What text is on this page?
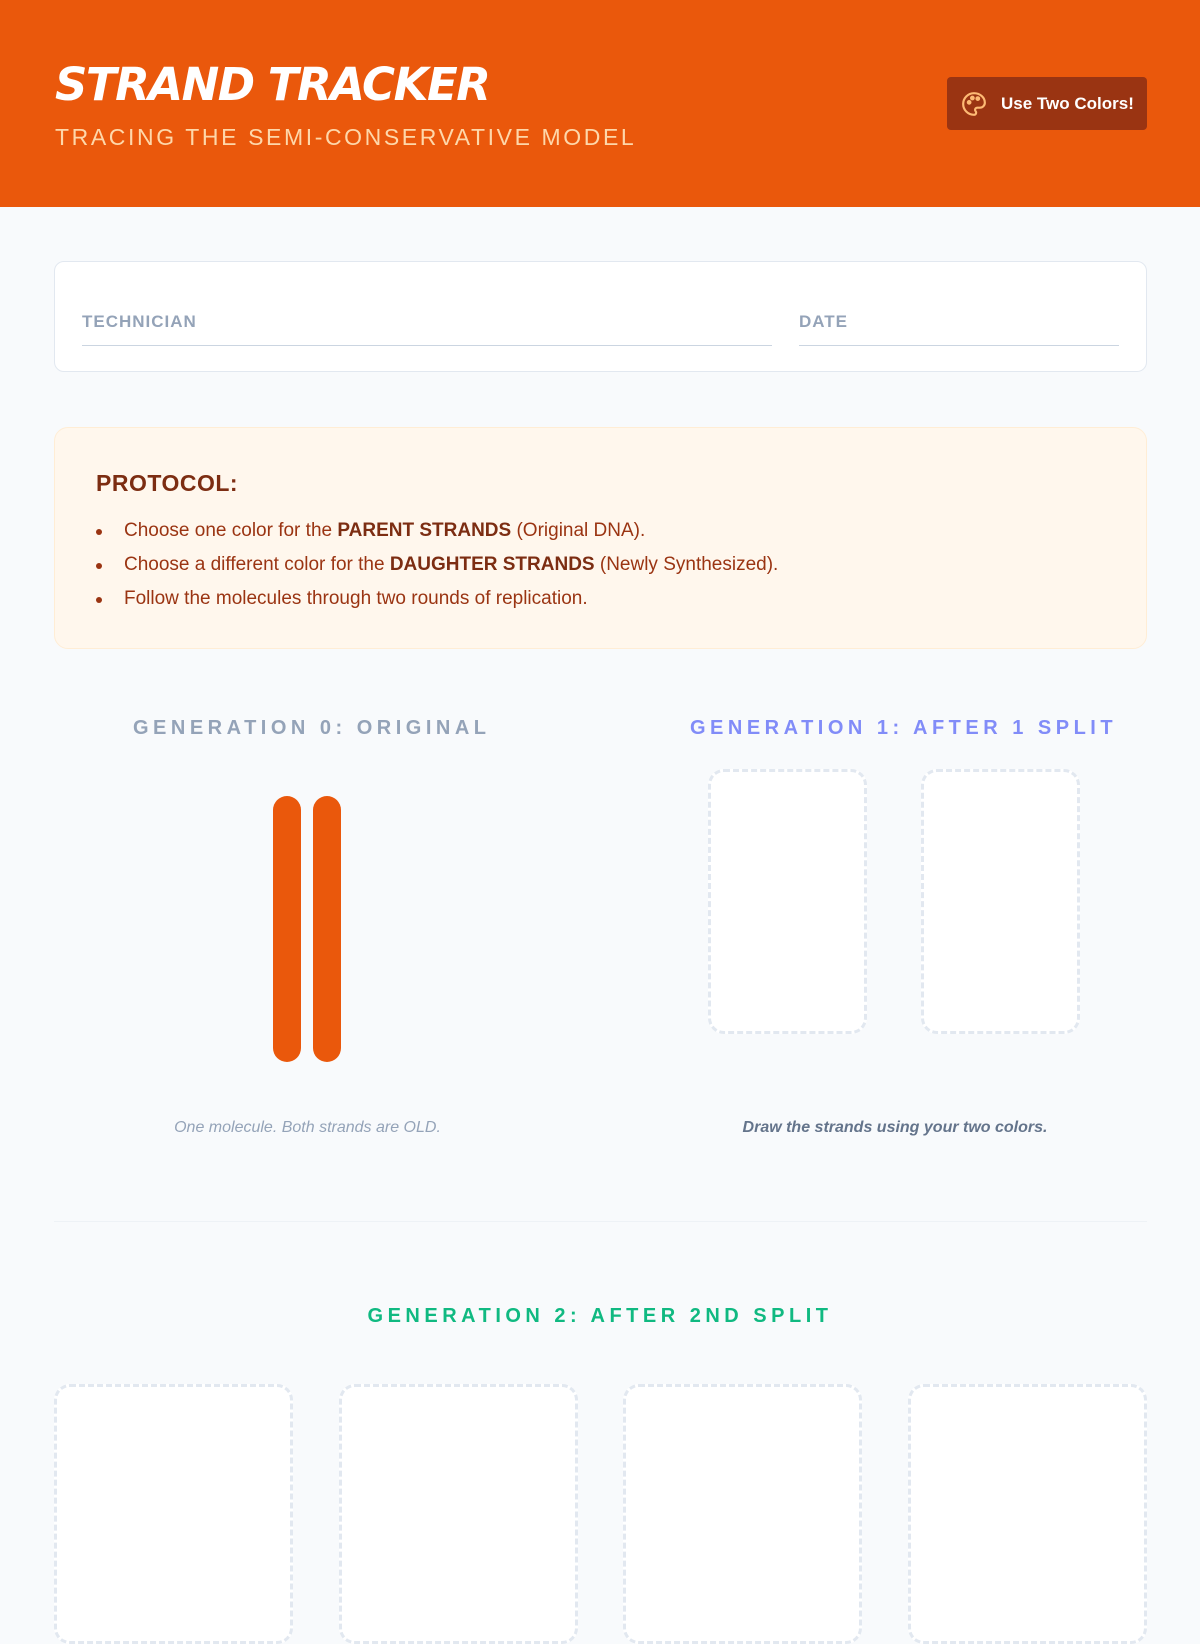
STRAND TRACKER
TRACING THE SEMI-CONSERVATIVE MODEL
Use Two Colors!
TECHNICIAN	DATE
PROTOCOL:
Choose one color for the PARENT STRANDS (Original DNA).
Choose a different color for the DAUGHTER STRANDS (Newly Synthesized).
Follow the molecules through two rounds of replication.
GENERATION 0: ORIGINAL
One molecule. Both strands are OLD.
GENERATION 1: AFTER 1 SPLIT
Draw the strands using your two colors.
GENERATION 2: AFTER 2ND SPLIT
